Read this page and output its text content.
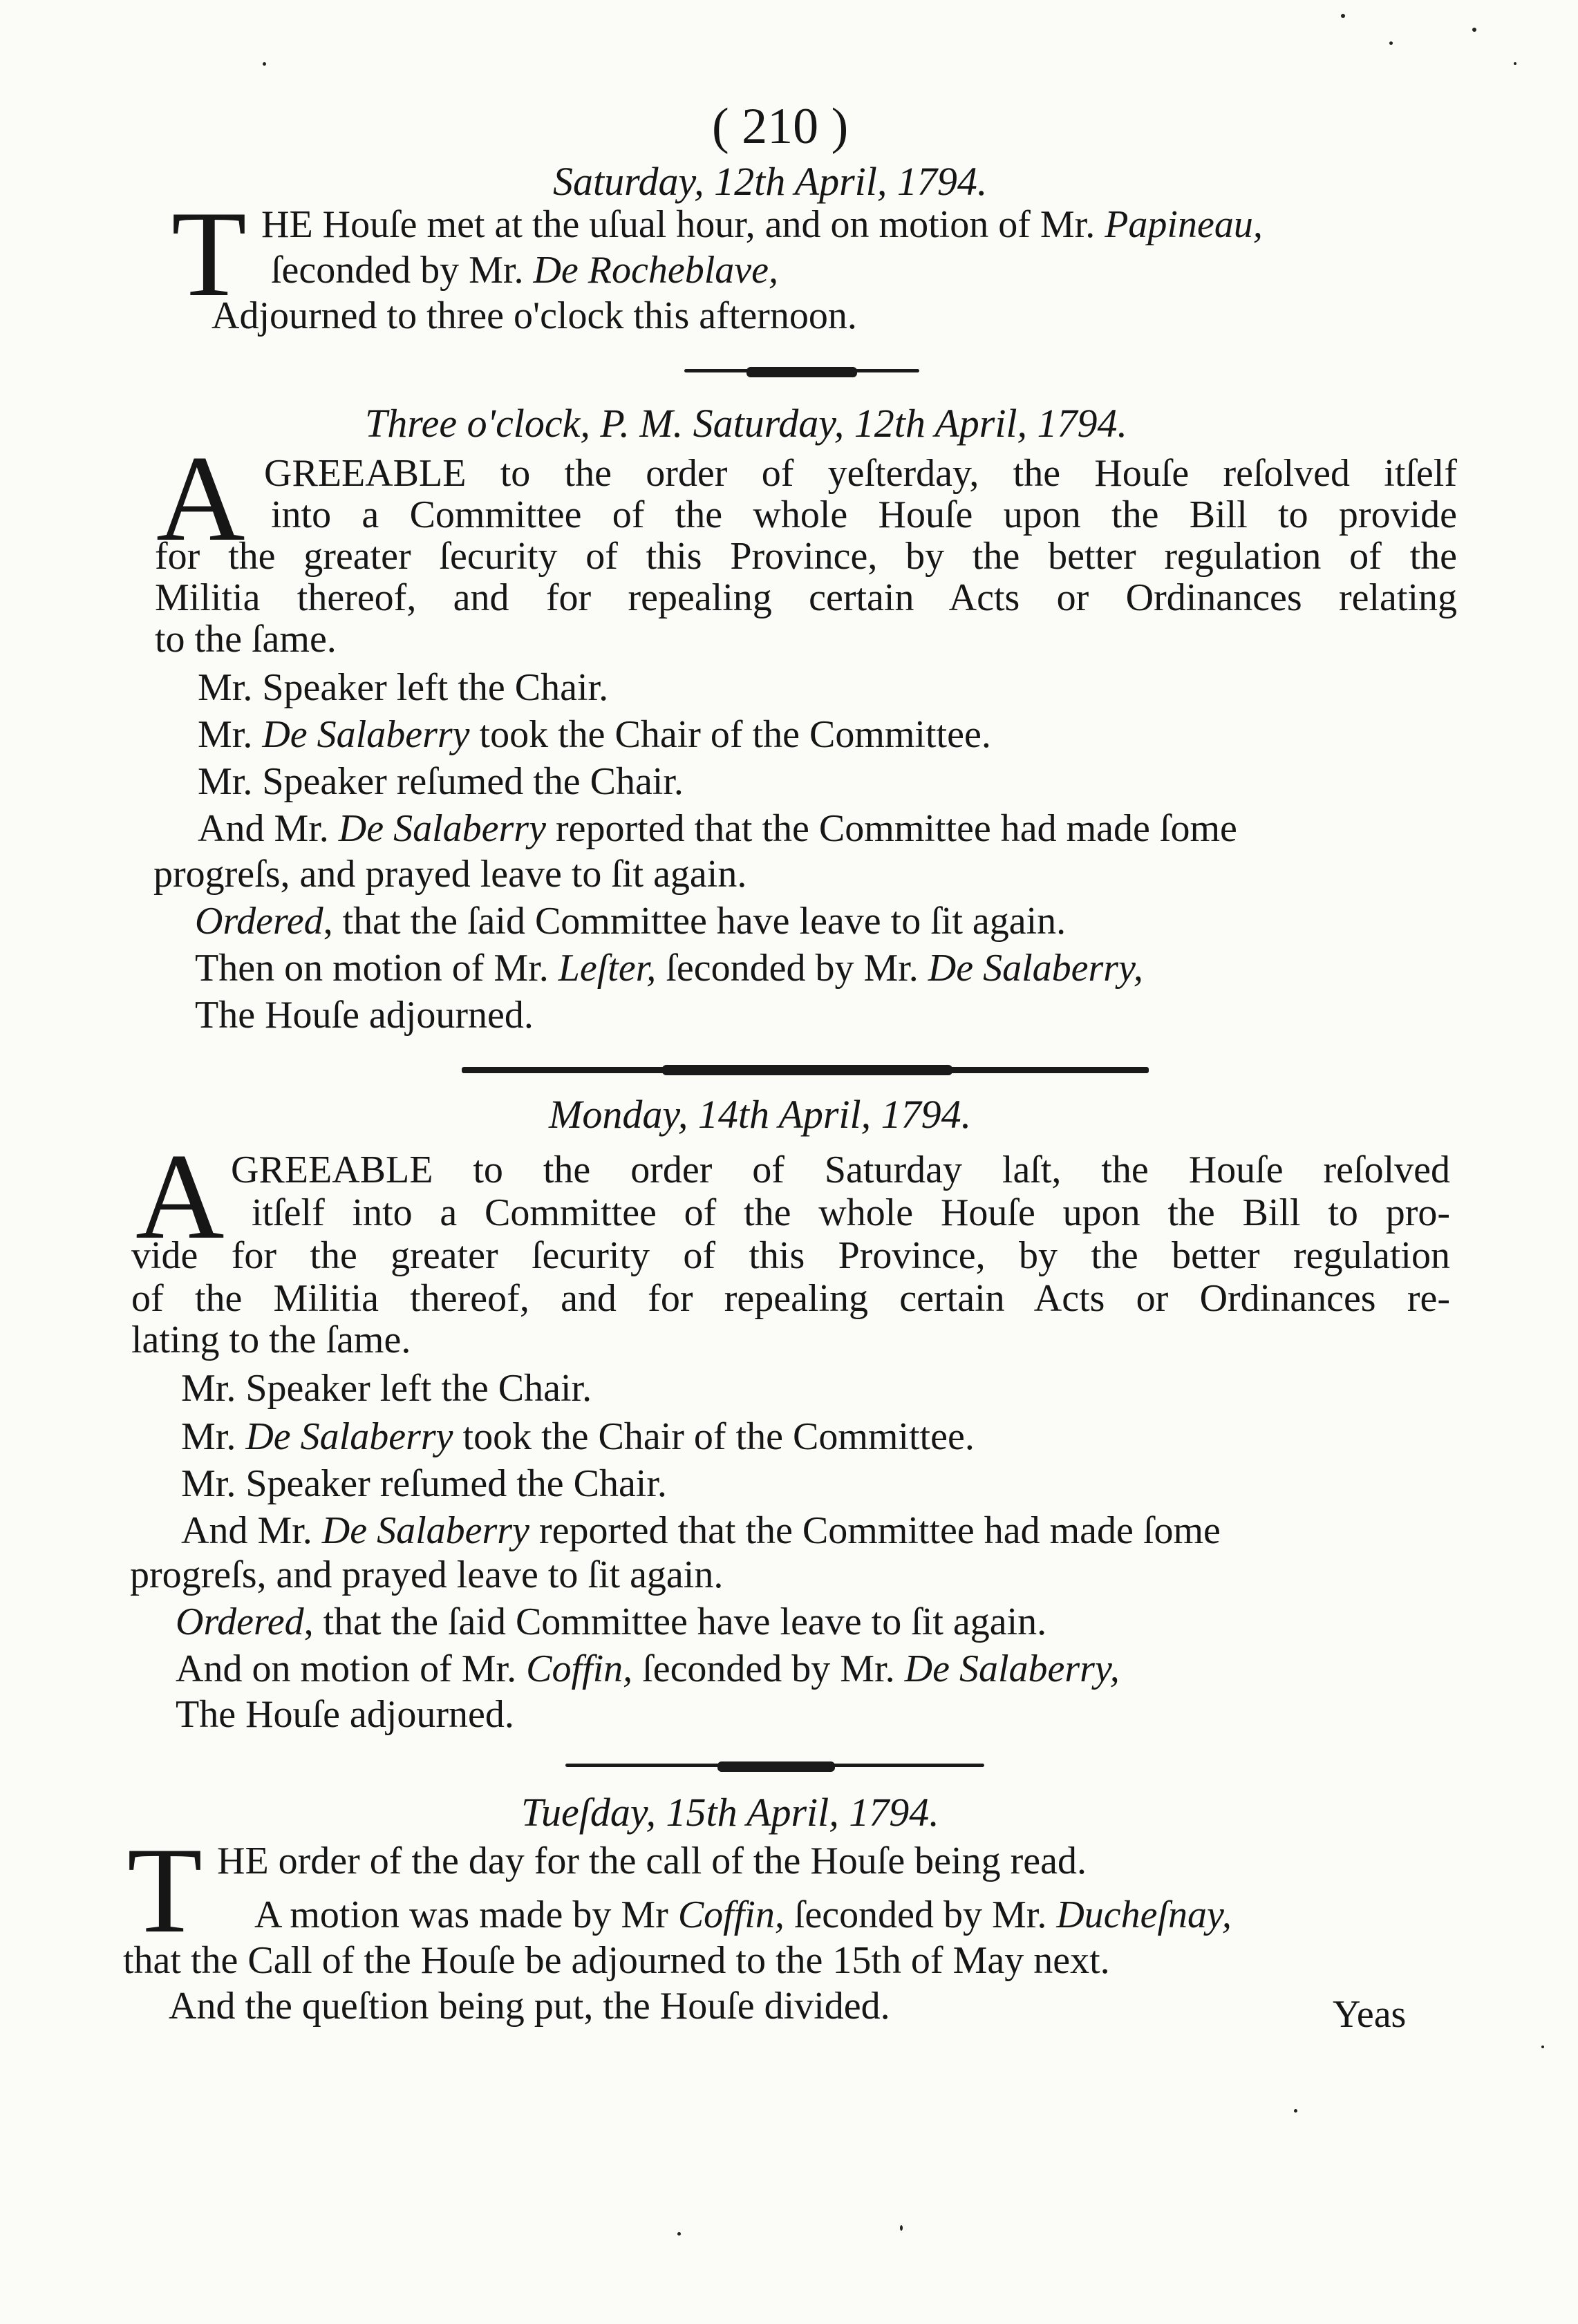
( 210 )
Saturday, 12th April, 1794.
T HE Houſe met at the uſual hour, and on motion of Mr. Papineau,
ſeconded by Mr. De Rocheblave,
Adjourned to three o'clock this afternoon.
Three o'clock, P. M. Saturday, 12th April, 1794.
A GREEABLE to the order of yeſterday, the Houſe reſolved itſelf
into a Committee of the whole Houſe upon the Bill to provide
for the greater ſecurity of this Province, by the better regulation of the
Militia thereof, and for repealing certain Acts or Ordinances relating
to the ſame.
Mr. Speaker left the Chair.
Mr. De Salaberry took the Chair of the Committee.
Mr. Speaker reſumed the Chair.
And Mr. De Salaberry reported that the Committee had made ſome
progreſs, and prayed leave to ſit again.
Ordered, that the ſaid Committee have leave to ſit again.
Then on motion of Mr. Leſter, ſeconded by Mr. De Salaberry,
The Houſe adjourned.
Monday, 14th April, 1794.
A GREEABLE to the order of Saturday laſt, the Houſe reſolved
itſelf into a Committee of the whole Houſe upon the Bill to pro-
vide for the greater ſecurity of this Province, by the better regulation
of the Militia thereof, and for repealing certain Acts or Ordinances re-
lating to the ſame.
Mr. Speaker left the Chair.
Mr. De Salaberry took the Chair of the Committee.
Mr. Speaker reſumed the Chair.
And Mr. De Salaberry reported that the Committee had made ſome
progreſs, and prayed leave to ſit again.
Ordered, that the ſaid Committee have leave to ſit again.
And on motion of Mr. Coffin, ſeconded by Mr. De Salaberry,
The Houſe adjourned.
Tueſday, 15th April, 1794.
T HE order of the day for the call of the Houſe being read.
A motion was made by Mr Coffin, ſeconded by Mr. Ducheſnay,
that the Call of the Houſe be adjourned to the 15th of May next.
And the queſtion being put, the Houſe divided.	Yeas
